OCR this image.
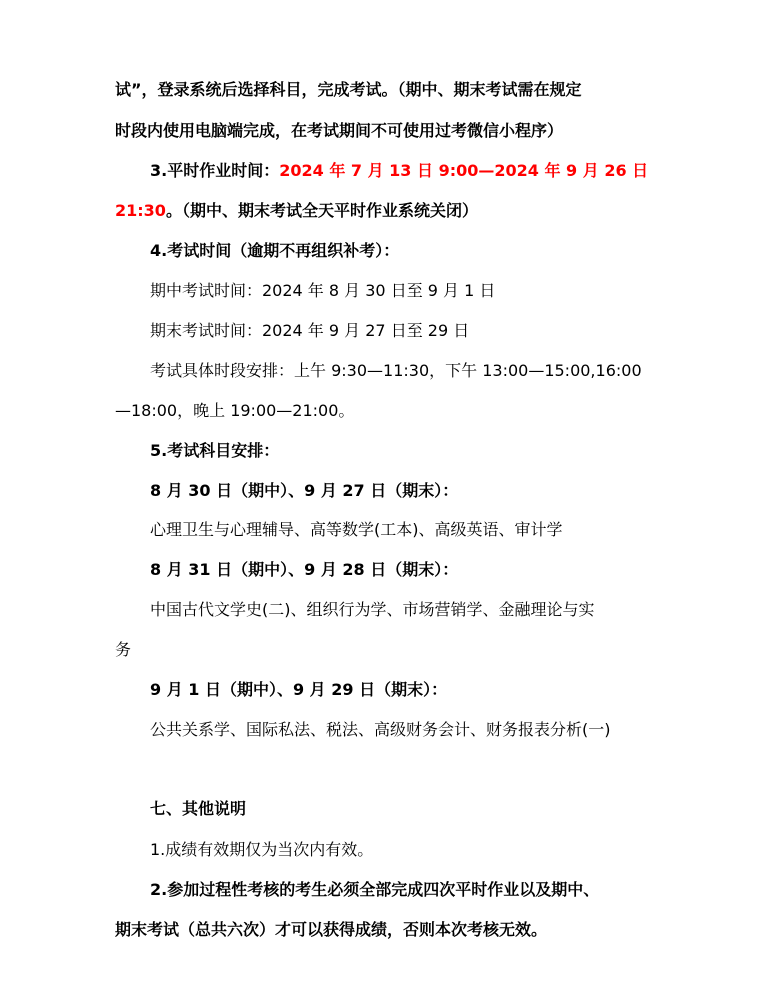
试”，登录系统后选择科目，完成考试。（期中、期末考试需在规定
时段内使用电脑端完成，在考试期间不可使用过考微信小程序）
3.平时作业时间：2024 年 7 月 13 日 9:00—2024 年 9 月 26 日
21:30。（期中、期末考试全天平时作业系统关闭）
4.考试时间（逾期不再组织补考）：
期中考试时间：2024 年 8 月 30 日至 9 月 1 日
期末考试时间：2024 年 9 月 27 日至 29 日
考试具体时段安排：上午 9:30—11:30，下午 13:00—15:00,16:00
—18:00，晚上 19:00—21:00。
5.考试科目安排：
8 月 30 日（期中）、9 月 27 日（期末）：
心理卫生与心理辅导、高等数学(工本)、高级英语、审计学
8 月 31 日（期中）、9 月 28 日（期末）：
中国古代文学史(二)、组织行为学、市场营销学、金融理论与实
务
9 月 1 日（期中）、9 月 29 日（期末）：
公共关系学、国际私法、税法、高级财务会计、财务报表分析(一)
七、其他说明
1.成绩有效期仅为当次内有效。
2.参加过程性考核的考生必须全部完成四次平时作业以及期中、
期末考试（总共六次）才可以获得成绩，否则本次考核无效。
